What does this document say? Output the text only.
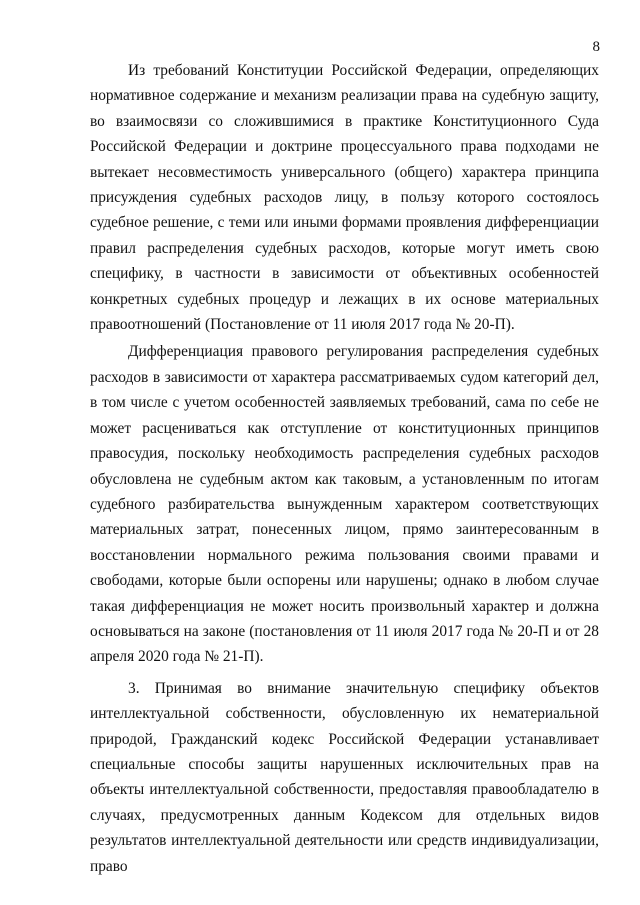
8

Из требований Конституции Российской Федерации, определяющих нормативное содержание и механизм реализации права на судебную защиту, во взаимосвязи со сложившимися в практике Конституционного Суда Российской Федерации и доктрине процессуального права подходами не вытекает несовместимость универсального (общего) характера принципа присуждения судебных расходов лицу, в пользу которого состоялось судебное решение, с теми или иными формами проявления дифференциации правил распределения судебных расходов, которые могут иметь свою специфику, в частности в зависимости от объективных особенностей конкретных судебных процедур и лежащих в их основе материальных правоотношений (Постановление от 11 июля 2017 года № 20-П).

Дифференциация правового регулирования распределения судебных расходов в зависимости от характера рассматриваемых судом категорий дел, в том числе с учетом особенностей заявляемых требований, сама по себе не может расцениваться как отступление от конституционных принципов правосудия, поскольку необходимость распределения судебных расходов обусловлена не судебным актом как таковым, а установленным по итогам судебного разбирательства вынужденным характером соответствующих материальных затрат, понесенных лицом, прямо заинтересованным в восстановлении нормального режима пользования своими правами и свободами, которые были оспорены или нарушены; однако в любом случае такая дифференциация не может носить произвольный характер и должна основываться на законе (постановления от 11 июля 2017 года № 20-П и от 28 апреля 2020 года № 21-П).

3. Принимая во внимание значительную специфику объектов интеллектуальной собственности, обусловленную их нематериальной природой, Гражданский кодекс Российской Федерации устанавливает специальные способы защиты нарушенных исключительных прав на объекты интеллектуальной собственности, предоставляя правообладателю в случаях, предусмотренных данным Кодексом для отдельных видов результатов интеллектуальной деятельности или средств индивидуализации, право
